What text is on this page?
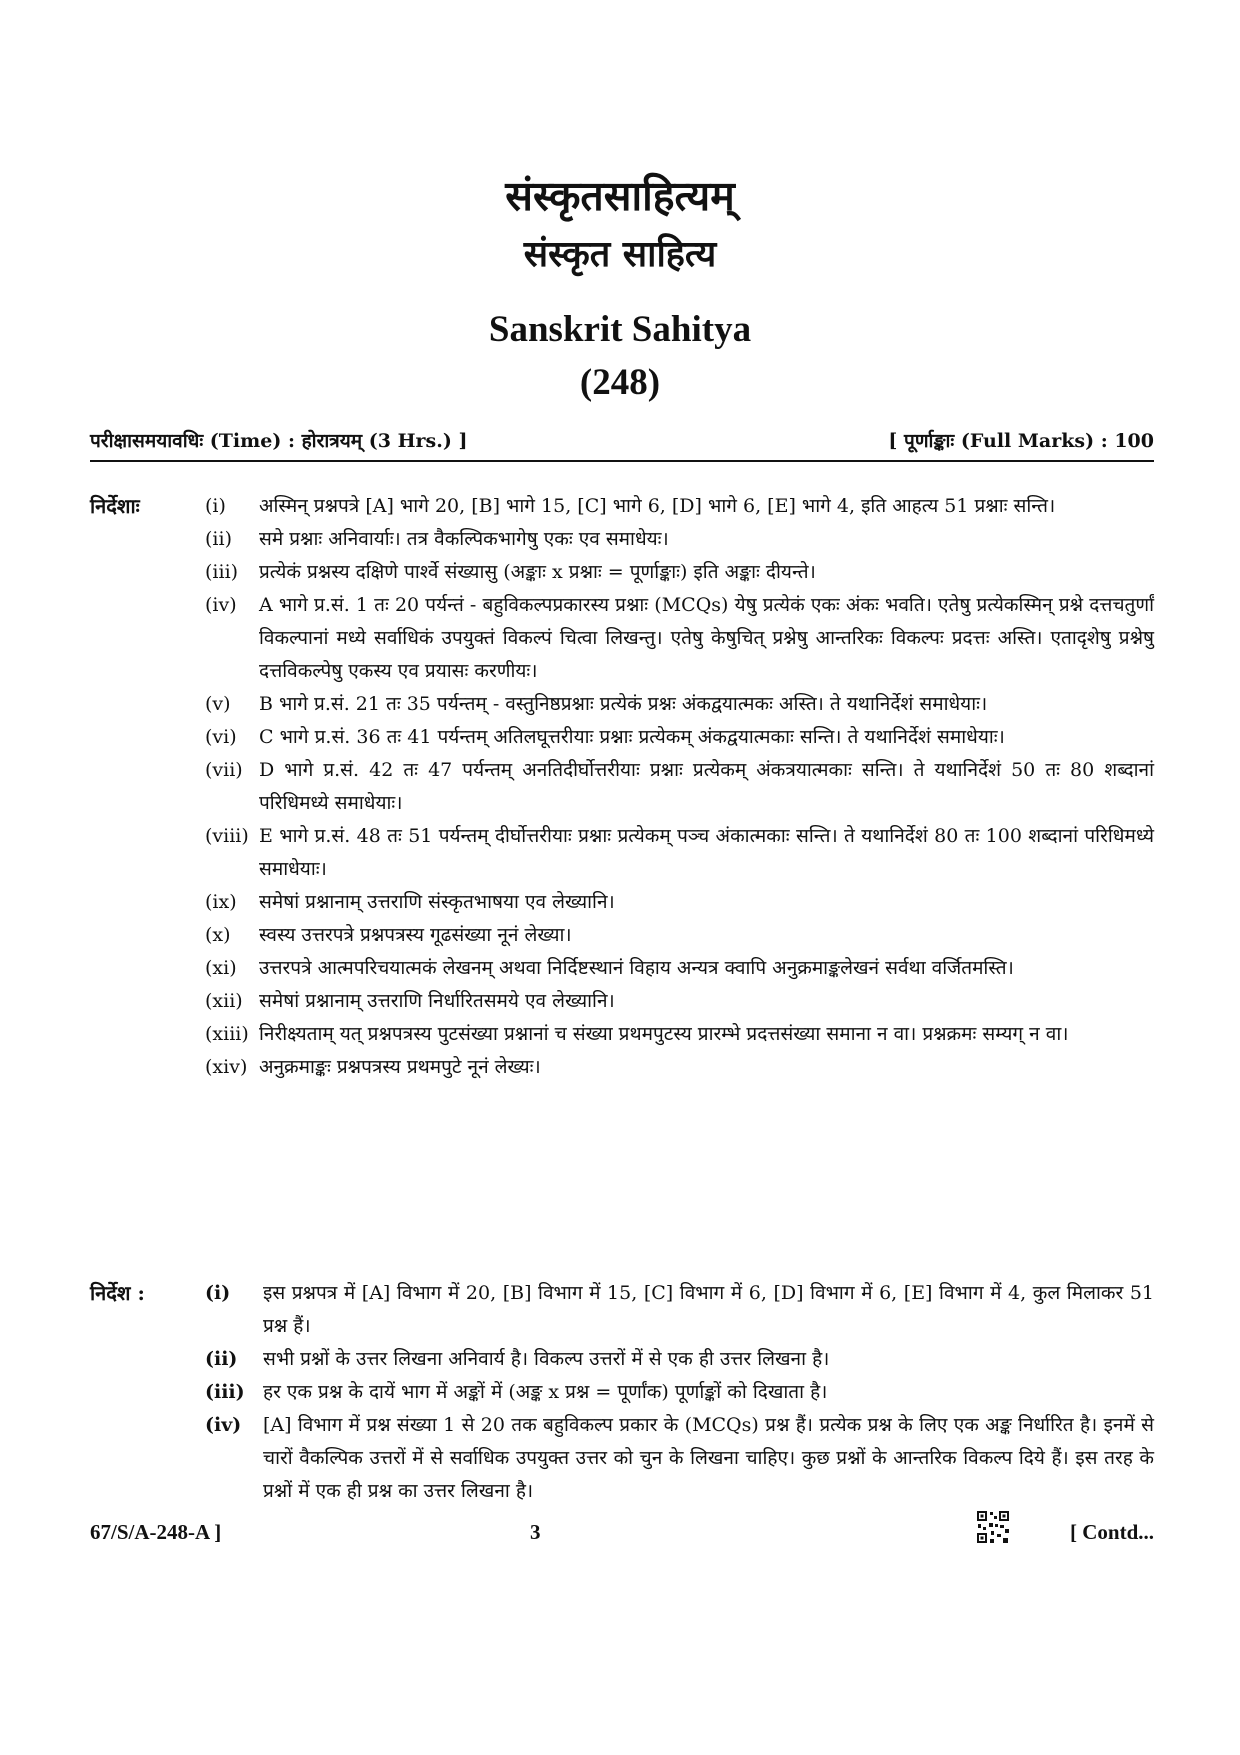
संस्कृतसाहित्यम्
संस्कृत साहित्य
Sanskrit Sahitya
(248)
परीक्षासमयावधिः (Time) : होरात्रयम् (3 Hrs.) ]	[ पूर्णाङ्काः (Full Marks) : 100
निर्देशाः	(i)	अस्मिन् प्रश्नपत्रे [A] भागे 20, [B] भागे 15, [C] भागे 6, [D] भागे 6, [E] भागे 4, इति आहत्य 51 प्रश्नाः सन्ति।
(ii)	समे प्रश्नाः अनिवार्याः। तत्र वैकल्पिकभागेषु एकः एव समाधेयः।
(iii)	प्रत्येकं प्रश्नस्य दक्षिणे पार्श्वे संख्यासु (अङ्काः x प्रश्नाः = पूर्णाङ्काः) इति अङ्काः दीयन्ते।
(iv)	A भागे प्र.सं. 1 तः 20 पर्यन्तं - बहुविकल्पप्रकारस्य प्रश्नाः (MCQs) येषु प्रत्येकं एकः अंकः भवति। एतेषु प्रत्येकस्मिन् प्रश्ने दत्तचतुर्णां विकल्पानां मध्ये सर्वाधिकं उपयुक्तं विकल्पं चित्वा लिखन्तु। एतेषु केषुचित् प्रश्नेषु आन्तरिकः विकल्पः प्रदत्तः अस्ति। एतादृशेषु प्रश्नेषु दत्तविकल्पेषु एकस्य एव प्रयासः करणीयः।
(v)	B भागे प्र.सं. 21 तः 35 पर्यन्तम् - वस्तुनिष्ठप्रश्नाः प्रत्येकं प्रश्नः अंकद्वयात्मकः अस्ति। ते यथानिर्देशं समाधेयाः।
(vi)	C भागे प्र.सं. 36 तः 41 पर्यन्तम् अतिलघूत्तरीयाः प्रश्नाः प्रत्येकम् अंकद्वयात्मकाः सन्ति। ते यथानिर्देशं समाधेयाः।
(vii) D भागे प्र.सं. 42 तः 47 पर्यन्तम् अनतिदीर्घोत्तरीयाः प्रश्नाः प्रत्येकम् अंकत्रयात्मकाः सन्ति। ते यथानिर्देशं 50 तः 80 शब्दानां परिधिमध्ये समाधेयाः।
(viii) E भागे प्र.सं. 48 तः 51 पर्यन्तम् दीर्घोत्तरीयाः प्रश्नाः प्रत्येकम् पञ्च अंकात्मकाः सन्ति। ते यथानिर्देशं 80 तः 100 शब्दानां परिधिमध्ये समाधेयाः।
(ix)	समेषां प्रश्नानाम् उत्तराणि संस्कृतभाषया एव लेख्यानि।
(x)	स्वस्य उत्तरपत्रे प्रश्नपत्रस्य गूढसंख्या नूनं लेख्या।
(xi)	उत्तरपत्रे आत्मपरिचयात्मकं लेखनम् अथवा निर्दिष्टस्थानं विहाय अन्यत्र क्वापि अनुक्रमाङ्कलेखनं सर्वथा वर्जितमस्ति।
(xii) समेषां प्रश्नानाम् उत्तराणि निर्धारितसमये एव लेख्यानि।
(xiii) निरीक्ष्यताम् यत् प्रश्नपत्रस्य पुटसंख्या प्रश्नानां च संख्या प्रथमपुटस्य प्रारम्भे प्रदत्तसंख्या समाना न वा। प्रश्नक्रमः सम्यग् न वा।
(xiv) अनुक्रमाङ्कः प्रश्नपत्रस्य प्रथमपुटे नूनं लेख्यः।
निर्देश :	(i)	इस प्रश्नपत्र में [A] विभाग में 20, [B] विभाग में 15, [C] विभाग में 6, [D] विभाग में 6, [E] विभाग में 4, कुल मिलाकर 51 प्रश्न हैं।
(ii)	सभी प्रश्नों के उत्तर लिखना अनिवार्य है। विकल्प उत्तरों में से एक ही उत्तर लिखना है।
(iii) हर एक प्रश्न के दायें भाग में अङ्कों में (अङ्क x प्रश्न = पूर्णांक) पूर्णाङ्कों को दिखाता है।
(iv)	[A] विभाग में प्रश्न संख्या 1 से 20 तक बहुविकल्प प्रकार के (MCQs) प्रश्न हैं। प्रत्येक प्रश्न के लिए एक अङ्क निर्धारित है। इनमें से चारों वैकल्पिक उत्तरों में से सर्वाधिक उपयुक्त उत्तर को चुन के लिखना चाहिए। कुछ प्रश्नों के आन्तरिक विकल्प दिये हैं। इस तरह के प्रश्नों में एक ही प्रश्न का उत्तर लिखना है।
67/S/A-248-A ]	3	[ Contd...
